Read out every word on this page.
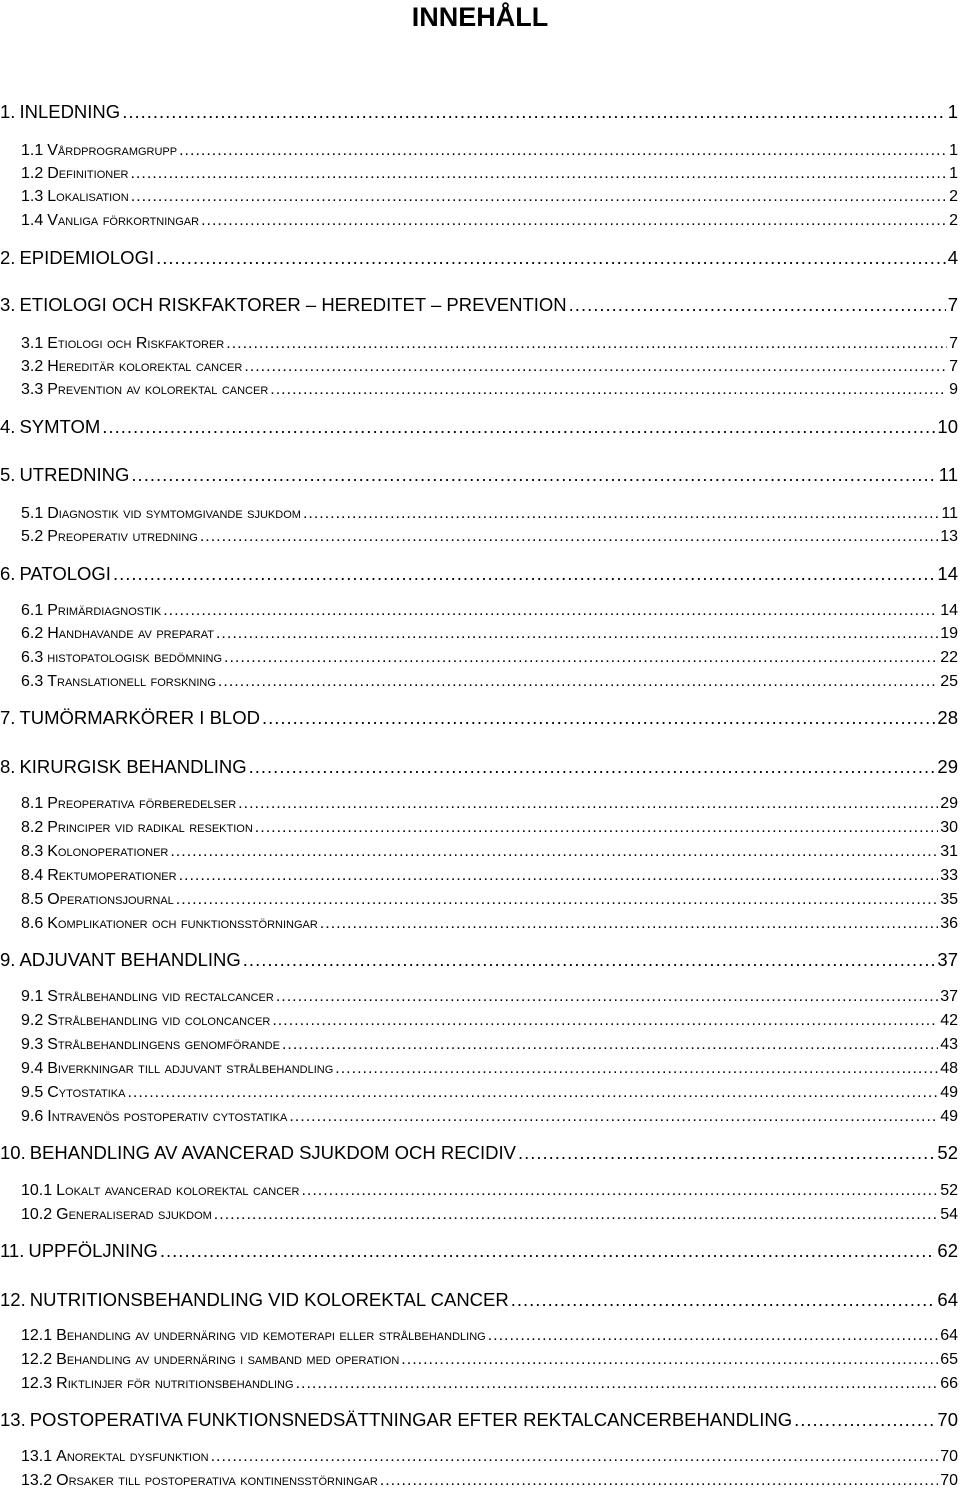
INNEHÅLL
1. INLEDNING .....	1
1.1 Vårdprogramgrupp .....	1
1.2 Definitioner .....	1
1.3 Lokalisation .....	2
1.4 Vanliga förkortningar .....	2
2. EPIDEMIOLOGI .....	4
3. ETIOLOGI OCH RISKFAKTORER – HEREDITET – PREVENTION .....	7
3.1 Etiologi och Riskfaktorer .....	7
3.2 Hereditär kolorektal cancer .....	7
3.3 Prevention av kolorektal cancer .....	9
4. SYMTOM .....	10
5. UTREDNING .....	11
5.1 Diagnostik vid symtomgivande sjukdom .....	11
5.2 Preoperativ utredning .....	13
6. PATOLOGI .....	14
6.1 Primärdiagnostik .....	14
6.2 Handhavande av preparat .....	19
6.3 histopatologisk bedömning .....	22
6.3 Translationell forskning .....	25
7. TUMÖRMARKÖRER I BLOD .....	28
8. KIRURGISK BEHANDLING .....	29
8.1 Preoperativa förberedelser .....	29
8.2 Principer vid radikal resektion .....	30
8.3 Kolonoperationer .....	31
8.4 Rektumoperationer .....	33
8.5 Operationsjournal .....	35
8.6 Komplikationer och funktionsstörningar .....	36
9. ADJUVANT BEHANDLING .....	37
9.1 Strålbehandling vid rectalcancer .....	37
9.2 Strålbehandling vid coloncancer .....	42
9.3 Strålbehandlingens genomförande .....	43
9.4 Biverkningar till adjuvant strålbehandling .....	48
9.5 Cytostatika .....	49
9.6 Intravenös postoperativ cytostatika .....	49
10. BEHANDLING AV AVANCERAD SJUKDOM OCH RECIDIV .....	52
10.1 Lokalt avancerad kolorektal cancer .....	52
10.2 Generaliserad sjukdom .....	54
11. UPPFÖLJNING .....	62
12. NUTRITIONSBEHANDLING VID KOLOREKTAL CANCER .....	64
12.1 Behandling av undernäring vid kemoterapi eller strålbehandling .....	64
12.2 Behandling av undernäring i samband med operation .....	65
12.3 Riktlinjer för nutritionsbehandling .....	66
13. POSTOPERATIVA FUNKTIONSNEDSÄTTNINGAR EFTER REKTALCANCERBEHANDLING .....	70
13.1 Anorektal dysfunktion .....	70
13.2 Orsaker till postoperativa kontinensstörningar .....	70
